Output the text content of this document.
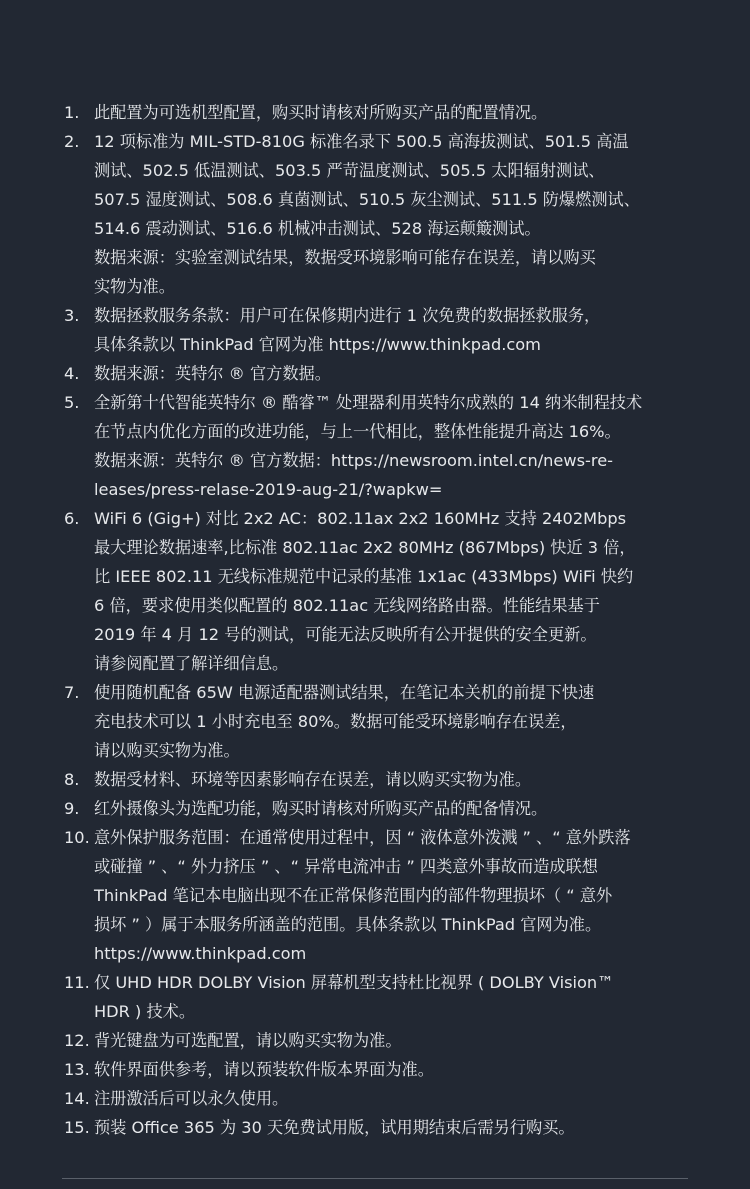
1. 此配置为可选机型配置，购买时请核对所购买产品的配置情况。
2. 12 项标准为 MIL-STD-810G 标准名录下 500.5 高海拔测试、501.5 高温
测试、502.5 低温测试、503.5 严苛温度测试、505.5 太阳辐射测试、
507.5 湿度测试、508.6 真菌测试、510.5 灰尘测试、511.5 防爆燃测试、
514.6 震动测试、516.6 机械冲击测试、528 海运颠簸测试。
数据来源：实验室测试结果，数据受环境影响可能存在误差，请以购买
实物为准。
3. 数据拯救服务条款：用户可在保修期内进行 1 次免费的数据拯救服务，
具体条款以 ThinkPad 官网为准 https://www.thinkpad.com
4. 数据来源：英特尔 ® 官方数据。
5. 全新第十代智能英特尔 ® 酷睿™ 处理器利用英特尔成熟的 14 纳米制程技术
在节点内优化方面的改进功能，与上一代相比，整体性能提升高达 16%。
数据来源：英特尔 ® 官方数据：https://newsroom.intel.cn/news-re-
leases/press-relase-2019-aug-21/?wapkw=
6. WiFi 6 (Gig+) 对比 2x2 AC：802.11ax 2x2 160MHz 支持 2402Mbps
最大理论数据速率,比标准 802.11ac 2x2 80MHz (867Mbps) 快近 3 倍，
比 IEEE 802.11 无线标准规范中记录的基准 1x1ac (433Mbps) WiFi 快约
6 倍，要求使用类似配置的 802.11ac 无线网络路由器。性能结果基于
2019 年 4 月 12 号的测试，可能无法反映所有公开提供的安全更新。
请参阅配置了解详细信息。
7. 使用随机配备 65W 电源适配器测试结果，在笔记本关机的前提下快速
充电技术可以 1 小时充电至 80%。数据可能受环境影响存在误差，
请以购买实物为准。
8. 数据受材料、环境等因素影响存在误差，请以购买实物为准。
9. 红外摄像头为选配功能，购买时请核对所购买产品的配备情况。
10. 意外保护服务范围：在通常使用过程中，因 “ 液体意外泼溅 ” 、“ 意外跌落
或碰撞 ” 、“ 外力挤压 ” 、“ 异常电流冲击 ” 四类意外事故而造成联想
ThinkPad 笔记本电脑出现不在正常保修范围内的部件物理损坏（ “ 意外
损坏 ” ）属于本服务所涵盖的范围。具体条款以 ThinkPad 官网为准。
https://www.thinkpad.com
11. 仅 UHD HDR DOLBY Vision 屏幕机型支持杜比视界 ( DOLBY Vision™
HDR ) 技术。
12. 背光键盘为可选配置，请以购买实物为准。
13. 软件界面供参考，请以预装软件版本界面为准。
14. 注册激活后可以永久使用。
15. 预装 Office 365 为 30 天免费试用版，试用期结束后需另行购买。
